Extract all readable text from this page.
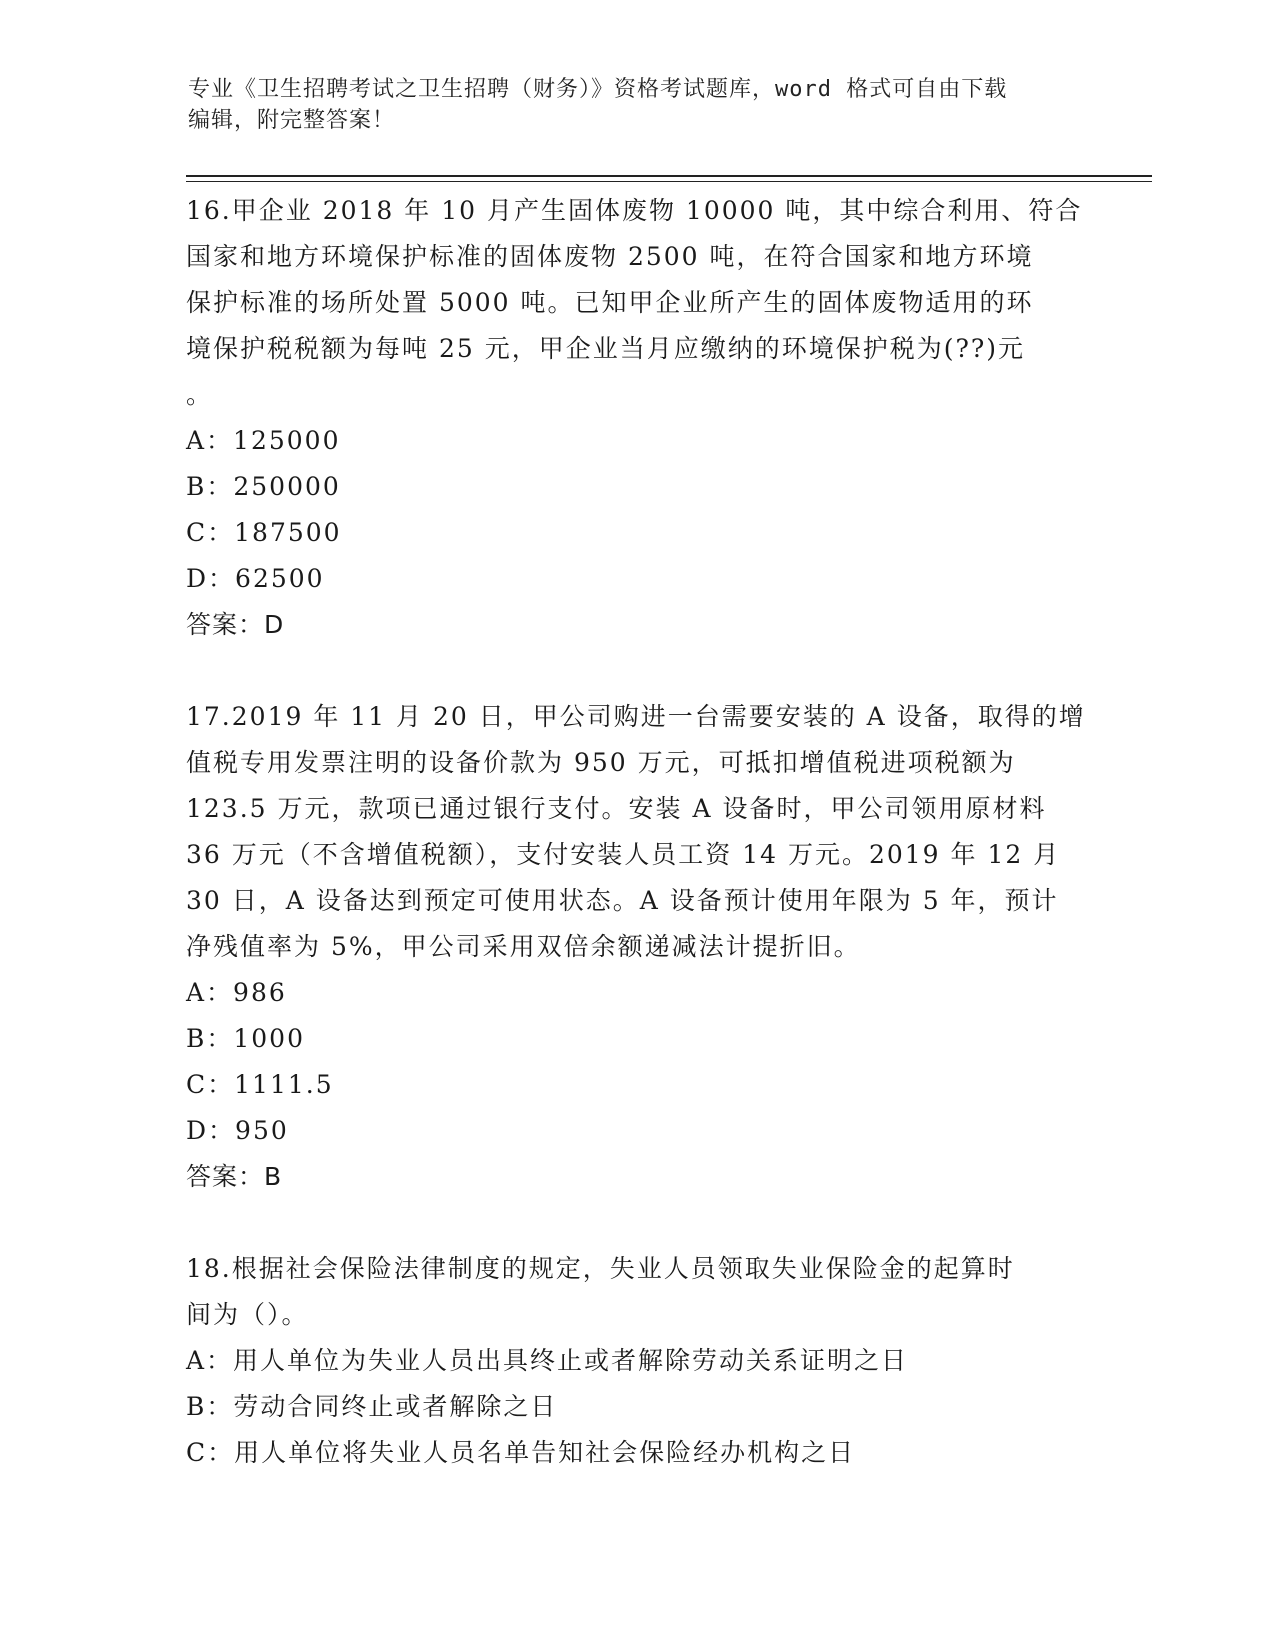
专业《卫生招聘考试之卫生招聘（财务）》资格考试题库，word 格式可自由下载
编辑，附完整答案！

16.甲企业 2018 年 10 月产生固体废物 10000 吨，其中综合利用、符合

国家和地方环境保护标准的固体废物 2500 吨，在符合国家和地方环境

保护标准的场所处置 5000 吨。已知甲企业所产生的固体废物适用的环

境保护税税额为每吨 25 元，甲企业当月应缴纳的环境保护税为(??)元

。

A：125000

B：250000

C：187500

D：62500

答案：D

17.2019 年 11 月 20 日，甲公司购进一台需要安装的 A 设备，取得的增

值税专用发票注明的设备价款为 950 万元，可抵扣增值税进项税额为

123.5 万元，款项已通过银行支付。安装 A 设备时，甲公司领用原材料

36 万元（不含增值税额），支付安装人员工资 14 万元。2019 年 12 月

30 日，A 设备达到预定可使用状态。A 设备预计使用年限为 5 年，预计

净残值率为 5%，甲公司采用双倍余额递减法计提折旧。

A：986

B：1000

C：1111.5

D：950

答案：B

18.根据社会保险法律制度的规定，失业人员领取失业保险金的起算时

间为（）。

A：用人单位为失业人员出具终止或者解除劳动关系证明之日

B：劳动合同终止或者解除之日

C：用人单位将失业人员名单告知社会保险经办机构之日
